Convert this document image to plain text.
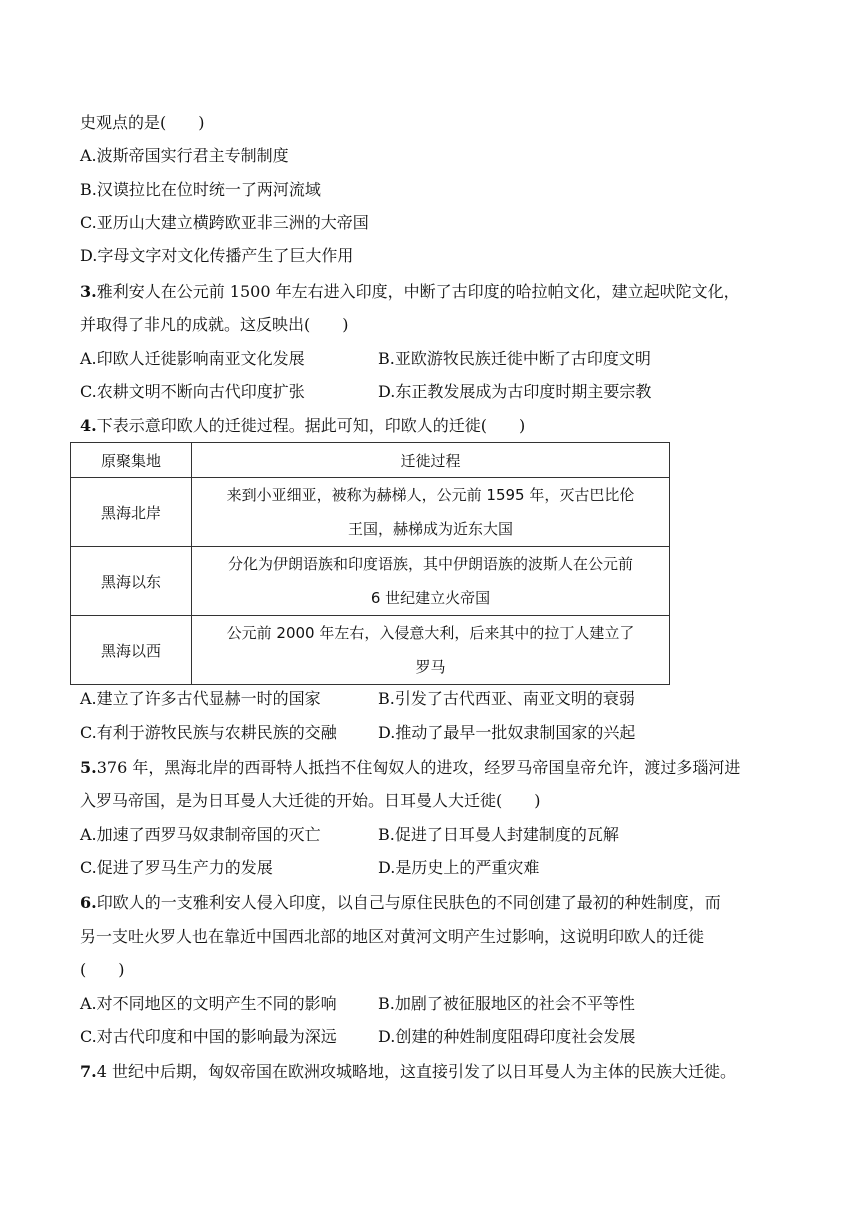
史观点的是(　　)
A.波斯帝国实行君主专制制度
B.汉谟拉比在位时统一了两河流域
C.亚历山大建立横跨欧亚非三洲的大帝国
D.字母文字对文化传播产生了巨大作用
3.雅利安人在公元前 1500 年左右进入印度，中断了古印度的哈拉帕文化，建立起吠陀文化，
并取得了非凡的成就。这反映出(　　)
A.印欧人迁徙影响南亚文化发展	B.亚欧游牧民族迁徙中断了古印度文明
C.农耕文明不断向古代印度扩张	D.东正教发展成为古印度时期主要宗教
4.下表示意印欧人的迁徙过程。据此可知，印欧人的迁徙(　　)
原聚集地	迁徙过程
黑海北岸	来到小亚细亚，被称为赫梯人，公元前 1595 年，灭古巴比伦
王国，赫梯成为近东大国

黑海以东	分化为伊朗语族和印度语族，其中伊朗语族的波斯人在公元前
6 世纪建立火帝国

黑海以西	公元前 2000 年左右，入侵意大利，后来其中的拉丁人建立了
罗马
A.建立了许多古代显赫一时的国家	B.引发了古代西亚、南亚文明的衰弱
C.有利于游牧民族与农耕民族的交融	D.推动了最早一批奴隶制国家的兴起
5.376 年，黑海北岸的西哥特人抵挡不住匈奴人的进攻，经罗马帝国皇帝允许，渡过多瑙河进
入罗马帝国，是为日耳曼人大迁徙的开始。日耳曼人大迁徙(　　)
A.加速了西罗马奴隶制帝国的灭亡	B.促进了日耳曼人封建制度的瓦解
C.促进了罗马生产力的发展	D.是历史上的严重灾难
6.印欧人的一支雅利安人侵入印度，以自己与原住民肤色的不同创建了最初的种姓制度，而
另一支吐火罗人也在靠近中国西北部的地区对黄河文明产生过影响，这说明印欧人的迁徙
(　　)
A.对不同地区的文明产生不同的影响	B.加剧了被征服地区的社会不平等性
C.对古代印度和中国的影响最为深远	D.创建的种姓制度阻碍印度社会发展
7.4 世纪中后期，匈奴帝国在欧洲攻城略地，这直接引发了以日耳曼人为主体的民族大迁徙。
